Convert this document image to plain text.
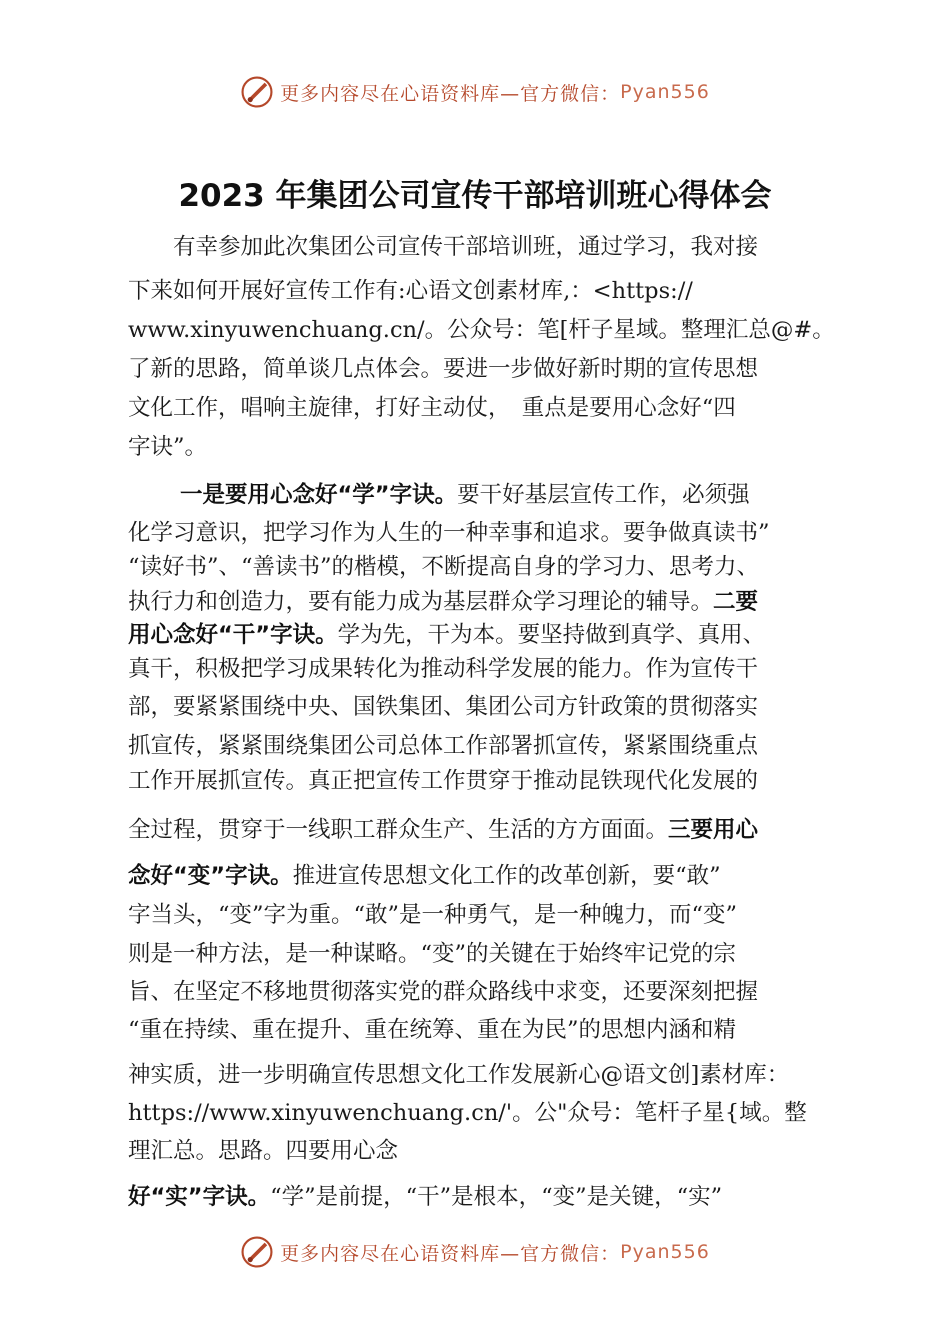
更多内容尽在心语资料库—官方微信： Pyan556
2023 年集团公司宣传干部培训班心得体会
　　有幸参加此次集团公司宣传干部培训班，通过学习，我对接
下来如何开展好宣传工作有:心语文创素材库,：<https://
www.xinyuwenchuang.cn/。公众号：笔[杆子星域。整理汇总@#。
了新的思路，简单谈几点体会。要进一步做好新时期的宣传思想
文化工作，唱响主旋律，打好主动仗，　重点是要用心念好“四
字诀”。
一是要用心念好“学”字诀。要干好基层宣传工作，必须强
化学习意识，把学习作为人生的一种幸事和追求。要争做真读书”
“读好书”、“善读书”的楷模，不断提高自身的学习力、思考力、
执行力和创造力，要有能力成为基层群众学习理论的辅导。二要
用心念好“干”字诀。学为先，干为本。要坚持做到真学、真用、
真干，积极把学习成果转化为推动科学发展的能力。作为宣传干
部，要紧紧围绕中央、国铁集团、集团公司方针政策的贯彻落实
抓宣传，紧紧围绕集团公司总体工作部署抓宣传，紧紧围绕重点
工作开展抓宣传。真正把宣传工作贯穿于推动昆铁现代化发展的
全过程，贯穿于一线职工群众生产、生活的方方面面。三要用心
念好“变”字诀。推进宣传思想文化工作的改革创新，要“敢”
字当头，“变”字为重。“敢”是一种勇气，是一种魄力，而“变”
则是一种方法，是一种谋略。“变”的关键在于始终牢记党的宗
旨、在坚定不移地贯彻落实党的群众路线中求变，还要深刻把握
“重在持续、重在提升、重在统筹、重在为民”的思想内涵和精
神实质，进一步明确宣传思想文化工作发展新心@语文创]素材库：
https://www.xinyuwenchuang.cn/'。公"众号：笔杆子星{域。整
理汇总。思路。四要用心念
好“实”字诀。“学”是前提，“干”是根本，“变”是关键，“实”
更多内容尽在心语资料库—官方微信： Pyan556
